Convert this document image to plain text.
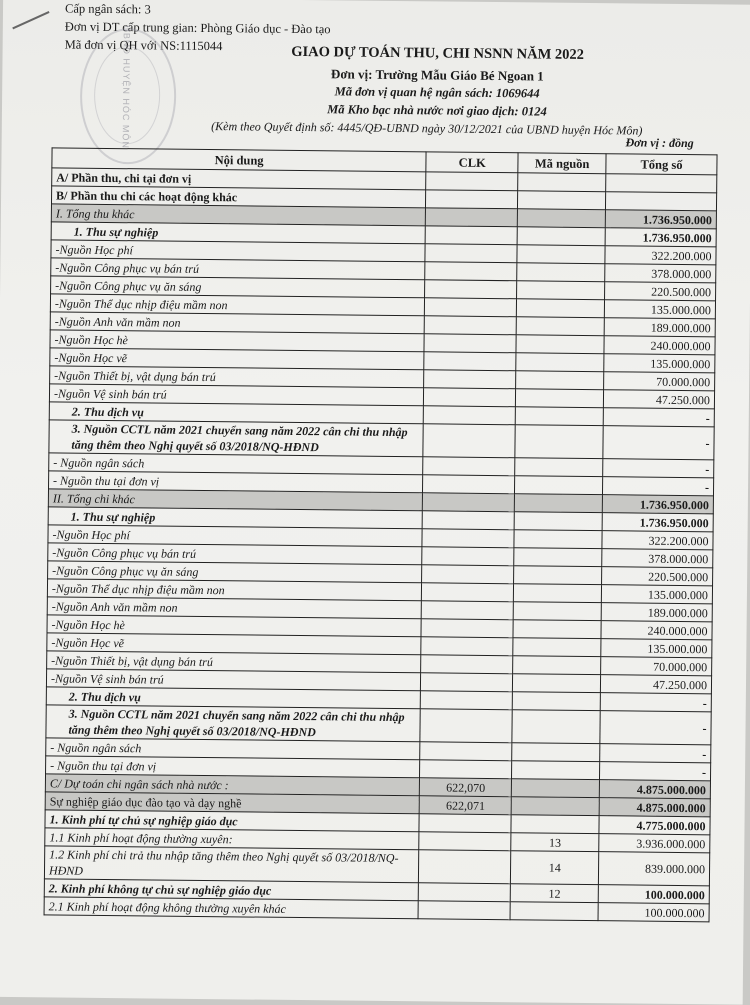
Cấp ngân sách: 3
Đơn vị DT cấp trung gian: Phòng Giáo dục - Đào tạo
Mã đơn vị QH với NS:1115044
UBND HUYỆN HÓC MÔN	GIAO DỰ TOÁN THU, CHI NSNN NĂM 2022
Đơn vị: Trường Mẫu Giáo Bé Ngoan 1
Mã đơn vị quan hệ ngân sách: 1069644
Mã Kho bạc nhà nước nơi giao dịch: 0124
(Kèm theo Quyết định số: 4445/QĐ-UBND ngày 30/12/2021 của UBND huyện Hóc Môn)
Đơn vị : đồng
Nội dung	CLK	Mã nguồn	Tổng số
A/ Phần thu, chi tại đơn vị			
B/ Phần thu chi các hoạt động khác			
I. Tổng thu khác			1.736.950.000
1. Thu sự nghiệp			1.736.950.000
-Nguồn Học phí			322.200.000
-Nguồn Công phục vụ bán trú			378.000.000
-Nguồn Công phục vụ ăn sáng			220.500.000
-Nguồn Thể dục nhịp điệu mầm non			135.000.000
-Nguồn Anh văn mầm non			189.000.000
-Nguồn Học hè			240.000.000
-Nguồn Học vẽ			135.000.000
-Nguồn Thiết bị, vật dụng bán trú			70.000.000
-Nguồn Vệ sinh bán trú			47.250.000
2. Thu dịch vụ			-
3. Nguồn CCTL năm 2021 chuyển sang năm 2022 cân chi thu nhập tăng thêm theo Nghị quyết số 03/2018/NQ-HĐND			-
- Nguồn ngân sách			-
- Nguồn thu tại đơn vị			-
II. Tổng chi khác			1.736.950.000
1. Thu sự nghiệp			1.736.950.000
-Nguồn Học phí			322.200.000
-Nguồn Công phục vụ bán trú			378.000.000
-Nguồn Công phục vụ ăn sáng			220.500.000
-Nguồn Thể dục nhịp điệu mầm non			135.000.000
-Nguồn Anh văn mầm non			189.000.000
-Nguồn Học hè			240.000.000
-Nguồn Học vẽ			135.000.000
-Nguồn Thiết bị, vật dụng bán trú			70.000.000
-Nguồn Vệ sinh bán trú			47.250.000
2. Thu dịch vụ			-
3. Nguồn CCTL năm 2021 chuyển sang năm 2022 cân chi thu nhập tăng thêm theo Nghị quyết số 03/2018/NQ-HĐND			-
- Nguồn ngân sách			-
- Nguồn thu tại đơn vị			-
C/ Dự toán chi ngân sách nhà nước :	622,070		4.875.000.000
Sự nghiệp giáo dục đào tạo và dạy nghề	622,071		4.875.000.000
1. Kinh phí tự chủ sự nghiệp giáo dục			4.775.000.000
1.1 Kinh phí hoạt động thường xuyên:		13	3.936.000.000
1.2 Kinh phí chi trả thu nhập tăng thêm theo Nghị quyết số 03/2018/NQ-HĐND		14	839.000.000
2. Kinh phí không tự chủ sự nghiệp giáo dục		12	100.000.000
2.1 Kinh phí hoạt động không thường xuyên khác			100.000.000
